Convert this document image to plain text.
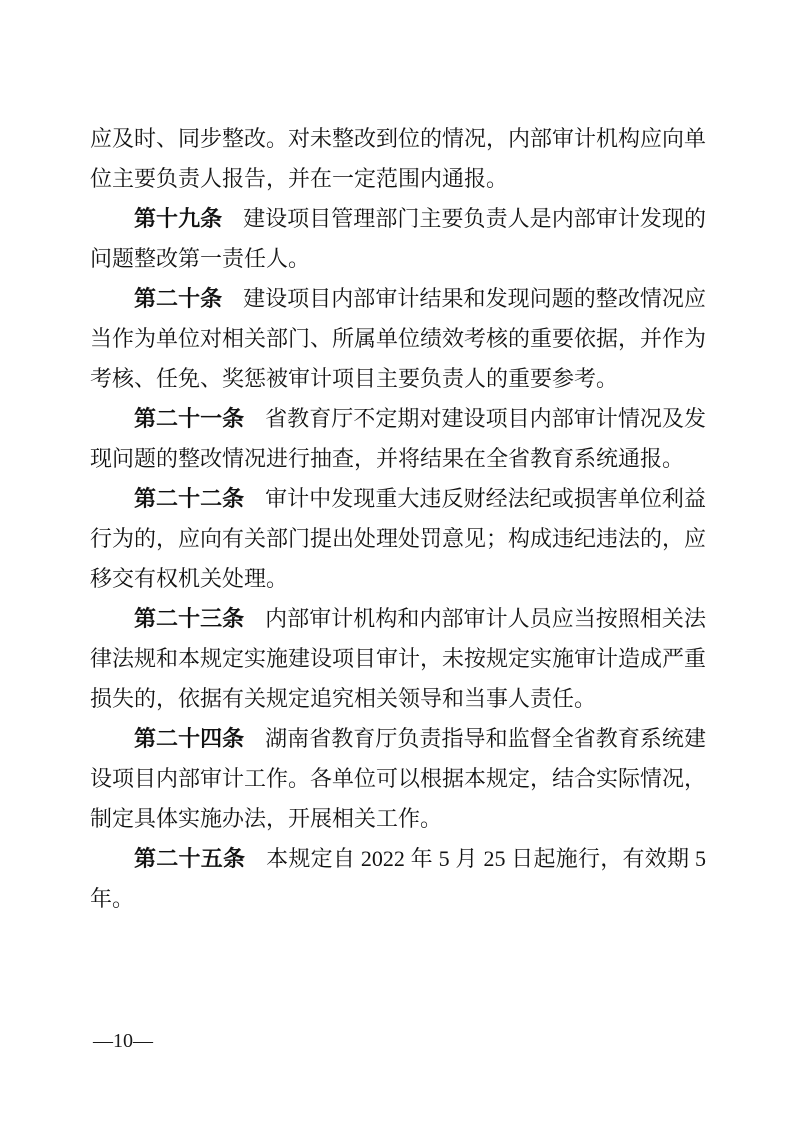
应及时、同步整改。对未整改到位的情况，内部审计机构应向单位主要负责人报告，并在一定范围内通报。

第十九条 建设项目管理部门主要负责人是内部审计发现的问题整改第一责任人。

第二十条 建设项目内部审计结果和发现问题的整改情况应当作为单位对相关部门、所属单位绩效考核的重要依据，并作为考核、任免、奖惩被审计项目主要负责人的重要参考。

第二十一条 省教育厅不定期对建设项目内部审计情况及发现问题的整改情况进行抽查，并将结果在全省教育系统通报。

第二十二条 审计中发现重大违反财经法纪或损害单位利益行为的，应向有关部门提出处理处罚意见；构成违纪违法的，应移交有权机关处理。

第二十三条 内部审计机构和内部审计人员应当按照相关法律法规和本规定实施建设项目审计，未按规定实施审计造成严重损失的，依据有关规定追究相关领导和当事人责任。

第二十四条 湖南省教育厅负责指导和监督全省教育系统建设项目内部审计工作。各单位可以根据本规定，结合实际情况，制定具体实施办法，开展相关工作。

第二十五条 本规定自 2022 年 5 月 25 日起施行，有效期 5 年。

—10—
